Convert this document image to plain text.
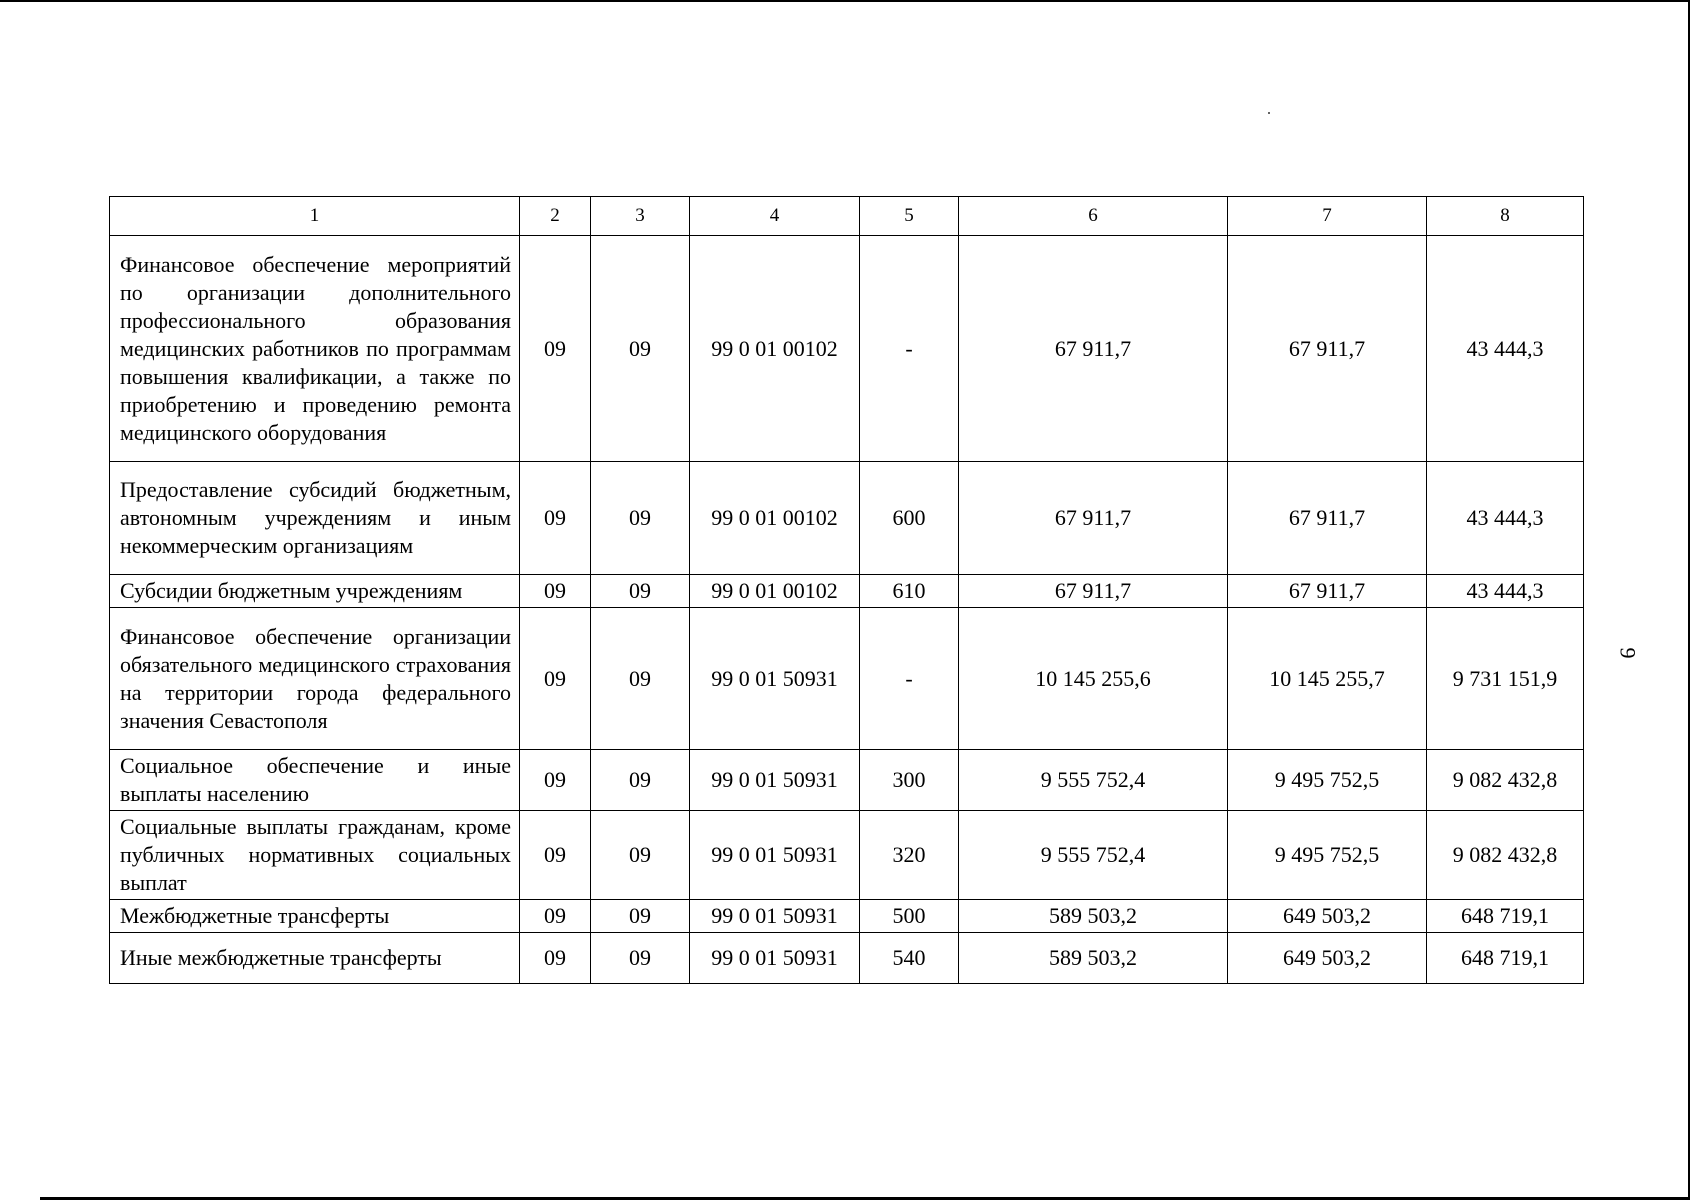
9
1	2	3	4	5	6	7	8
Финансовое обеспечение мероприятий по организации дополнительного профессионального образования медицинских работников по программам повышения квалификации, а также по приобретению и проведению ремонта медицинского оборудования	09	09	99 0 01 00102	-	67 911,7	67 911,7	43 444,3
Предоставление субсидий бюджетным, автономным учреждениям и иным некоммерческим организациям	09	09	99 0 01 00102	600	67 911,7	67 911,7	43 444,3
Субсидии бюджетным учреждениям	09	09	99 0 01 00102	610	67 911,7	67 911,7	43 444,3
Финансовое обеспечение организации обязательного медицинского страхования на территории города федерального значения Севастополя	09	09	99 0 01 50931	-	10 145 255,6	10 145 255,7	9 731 151,9
Социальное обеспечение и иные выплаты населению	09	09	99 0 01 50931	300	9 555 752,4	9 495 752,5	9 082 432,8
Социальные выплаты гражданам, кроме публичных нормативных социальных выплат	09	09	99 0 01 50931	320	9 555 752,4	9 495 752,5	9 082 432,8
Межбюджетные трансферты	09	09	99 0 01 50931	500	589 503,2	649 503,2	648 719,1
Иные межбюджетные трансферты	09	09	99 0 01 50931	540	589 503,2	649 503,2	648 719,1
